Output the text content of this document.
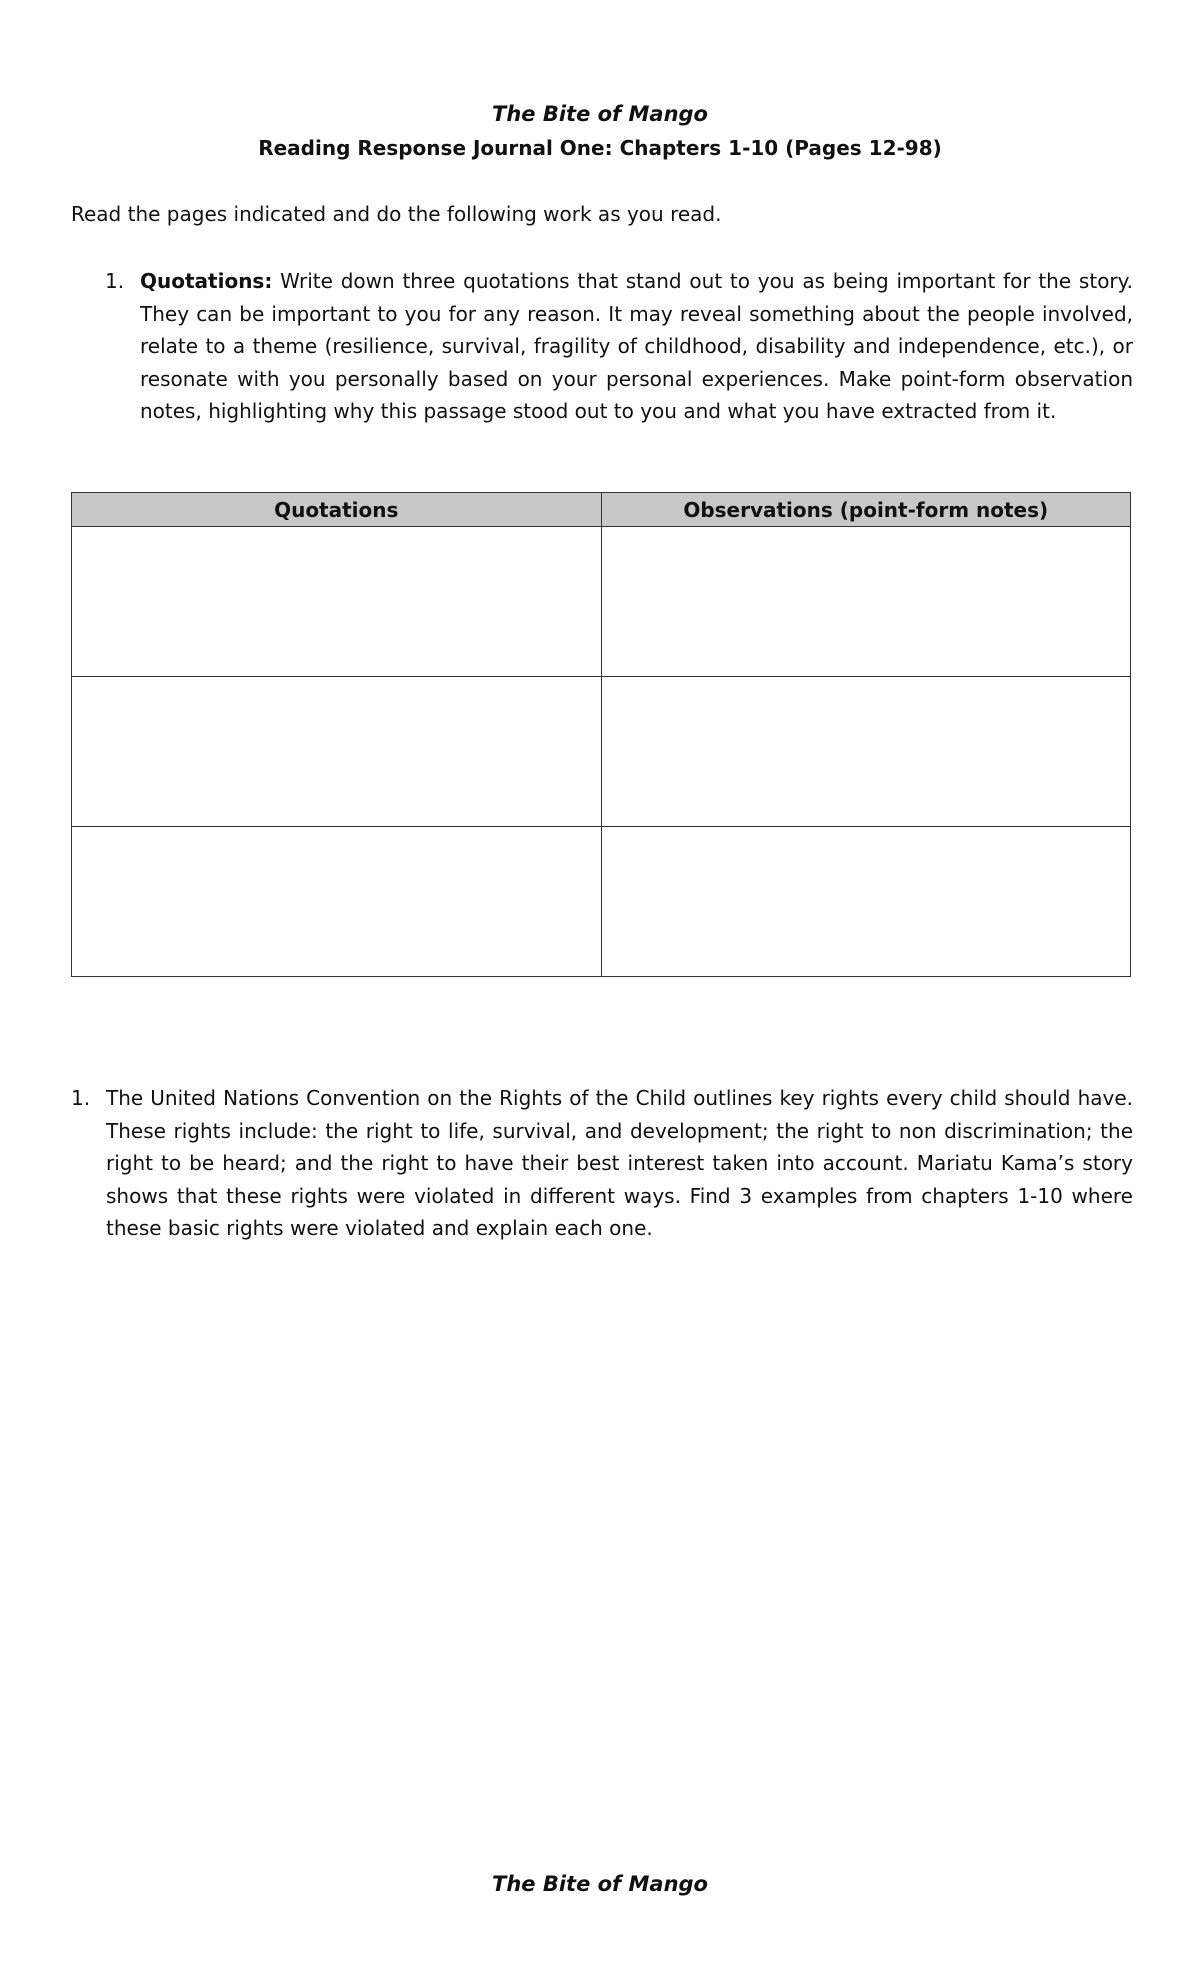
The Bite of Mango

Reading Response Journal One: Chapters 1-10 (Pages 12-98)

Read the pages indicated and do the following work as you read.

1. Quotations: Write down three quotations that stand out to you as being important for the story. They can be important to you for any reason. It may reveal something about the people involved, relate to a theme (resilience, survival, fragility of childhood, disability and independence, etc.), or resonate with you personally based on your personal experiences. Make point-form observation notes, highlighting why this passage stood out to you and what you have extracted from it.
Quotations	Observations (point-form notes)

1. The United Nations Convention on the Rights of the Child outlines key rights every child should have. These rights include: the right to life, survival, and development; the right to non discrimination; the right to be heard; and the right to have their best interest taken into account. Mariatu Kama’s story shows that these rights were violated in different ways. Find 3 examples from chapters 1-10 where these basic rights were violated and explain each one.

The Bite of Mango
